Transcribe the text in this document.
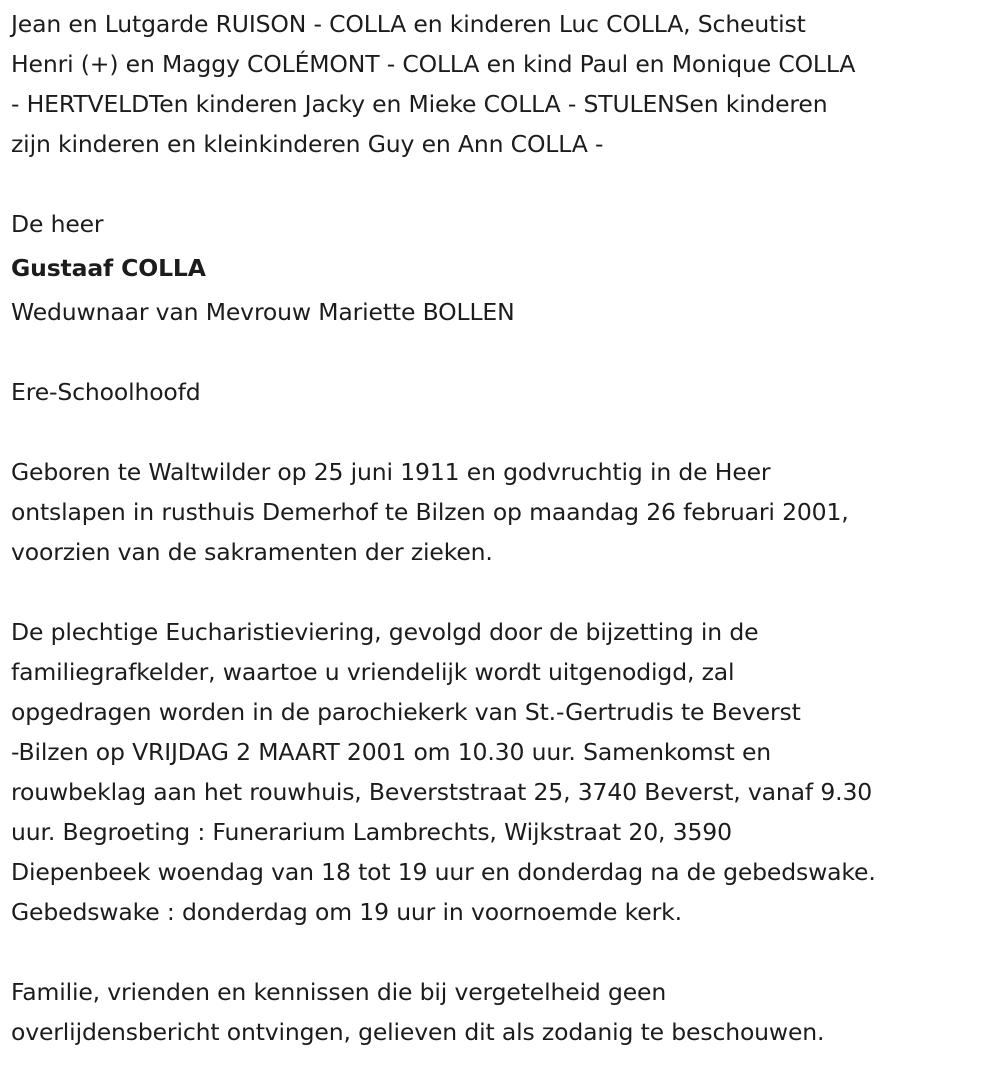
Jean en Lutgarde RUISON - COLLA en kinderen Luc COLLA, Scheutist
Henri (+) en Maggy COLÉMONT - COLLA en kind Paul en Monique COLLA
- HERTVELDTen kinderen Jacky en Mieke COLLA - STULENSen kinderen
zijn kinderen en kleinkinderen Guy en Ann COLLA -

De heer

Gustaaf COLLA

Weduwnaar van Mevrouw Mariette BOLLEN

Ere-Schoolhoofd

Geboren te Waltwilder op 25 juni 1911 en godvruchtig in de Heer
ontslapen in rusthuis Demerhof te Bilzen op maandag 26 februari 2001,
voorzien van de sakramenten der zieken.

De plechtige Eucharistieviering, gevolgd door de bijzetting in de
familiegrafkelder, waartoe u vriendelijk wordt uitgenodigd, zal
opgedragen worden in de parochiekerk van St.-Gertrudis te Beverst
-Bilzen op VRIJDAG 2 MAART 2001 om 10.30 uur. Samenkomst en
rouwbeklag aan het rouwhuis, Beverststraat 25, 3740 Beverst, vanaf 9.30
uur. Begroeting : Funerarium Lambrechts, Wijkstraat 20, 3590
Diepenbeek woendag van 18 tot 19 uur en donderdag na de gebedswake.
Gebedswake : donderdag om 19 uur in voornoemde kerk.

Familie, vrienden en kennissen die bij vergetelheid geen
overlijdensbericht ontvingen, gelieven dit als zodanig te beschouwen.
